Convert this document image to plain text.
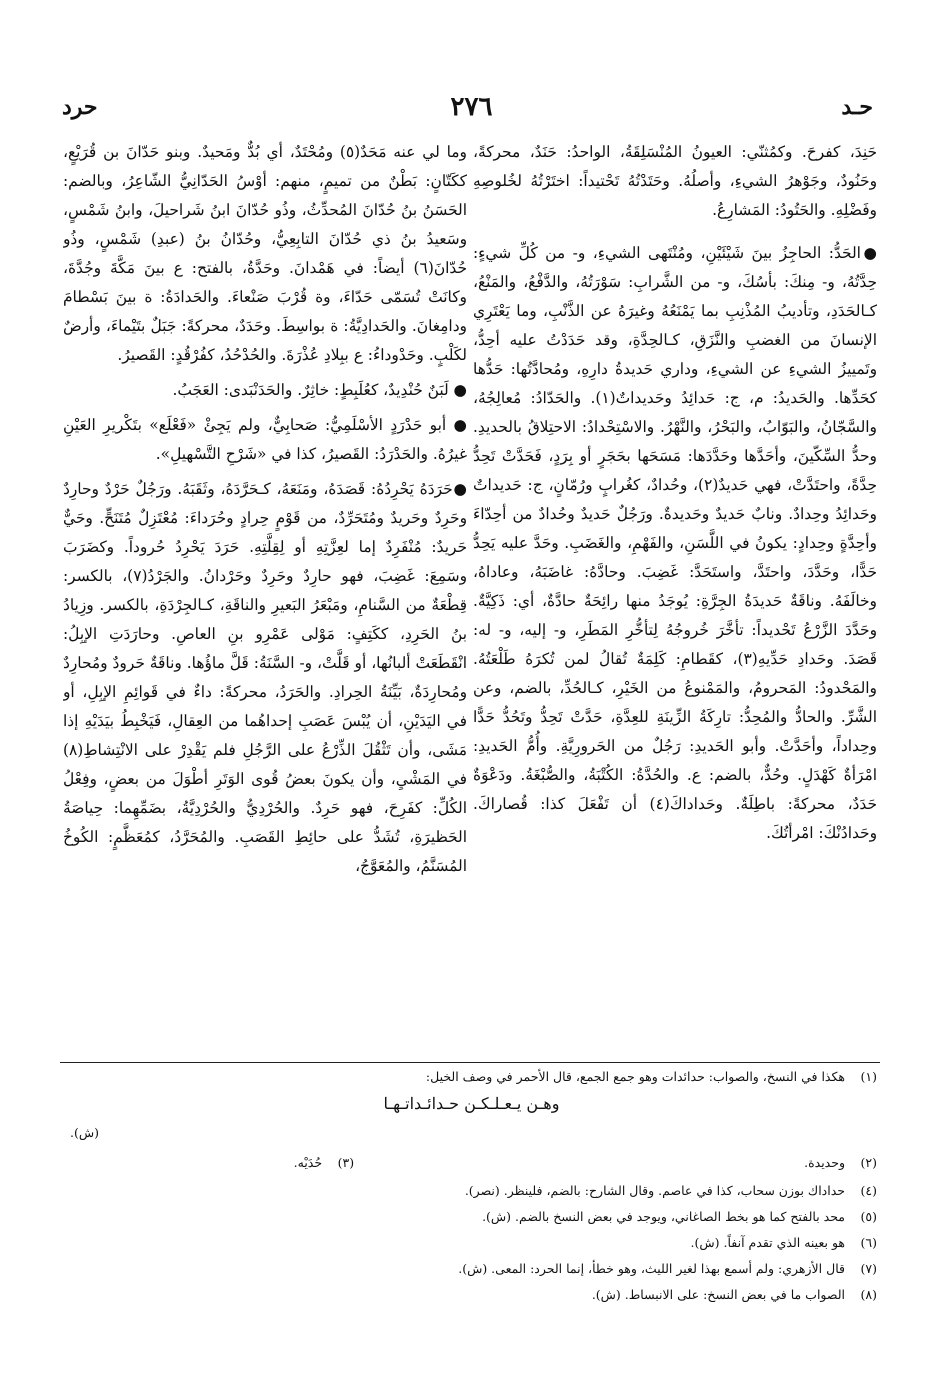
حـد
٢٧٦
حرد

حَنِدَ، كفرحَ. وكمُثنّي: العيونُ المُنْسَلِقَةُ، الواحدُ: حَنَدٌ، محركةً، وحَنُودٌ، وجَوْهرُ الشيءِ، وأصلُهُ. وحَتَدْتُهُ تَحْتيداً: اختَرْتُهُ لخُلوصِهِ وفَضْلِهِ. والحَتُودُ: المَشارِعُ.

●الحَدُّ: الحاجِزُ بينَ شَيْئَيْنِ، ومُنْتَهى الشيءِ، و- من كُلِّ شيءٍ: حِدَّتُهُ، و- مِنكَ: بأسُكَ، و- من الشَّرابِ: سَوْرَتُهُ، والدَّفْعُ، والمَنْعُ، كـالحَدَدِ، وتأديبُ المُذْنِبِ بما يَمْنَعُهُ وغيرَهُ عن الذَّنْبِ، وما يَعْتَرِي الإنسانَ من الغضبِ والنَّزَقِ، كـالحِدَّةِ، وقد حَدَدْتُ عليه أحِدُّ، وتَمييزُ الشيءِ عن الشيءِ، وداري حَديدةُ دارِهِ، ومُحادَّتُها: حَدُّها كحَدِّها. والحَديدُ: م، ج: حَدائِدُ وحَديداتٌ(١). والحَدّادُ: مُعالِجُهُ، والسَّجّانُ، والبَوّابُ، والبَحْرُ، والنَّهْرُ. والاسْتِحْدادُ: الاحتِلاقُ بالحديدِ. وحدُّ السِّكّينَ، وأحَدَّها وحَدَّدَها: مَسَحَها بحَجَرٍ أو بِرَدٍ، فَحَدَّتْ تَحِدُّ حِدَّةً، واحتَدَّتْ، فهي حَديدٌ(٢)، وحُدادٌ، كغُرابٍ ورُمّانٍ، ج: حَديداتٌ وحَدائِدُ وحِدادٌ. ونابٌ حَديدٌ وحَديدةٌ. ورَجُلٌ حَديدٌ وحُدادٌ من أحِدّاءَ وأحِدَّةٍ وحِدادٍ: يكونُ في اللَّسَنِ، والفَهْمِ، والغَضَبِ. وحَدَّ عليه يَحِدُّ حَدًّا، وحَدَّدَ، واحتَدَّ، واستَحَدَّ: غَضِبَ. وحادَّهُ: غاضَبَهُ، وعاداهُ، وخالَفَهُ. وناقَةٌ حَديدَةُ الجِرَّةِ: يُوجَدُ منها رائِحَةٌ حادَّةٌ، أي: ذَكِيَّةٌ. وحَدَّدَ الزَّرْعُ تَحْديداً: تأخَّرَ خُروجُهُ لِتأخُّرِ المَطَرِ، و- إليه، و- له: قَصَدَ. وحَدادِ حَدِّيهِ(٣)، كقَطامِ: كَلِمَةٌ تُقالُ لمن تُكرَهُ طَلْعَتُهُ. والمَحْدودُ: المَحرومُ، والمَمْنوعُ من الخَيْرِ، كـالحُدِّ، بالضم، وعن الشَّرِّ. والحادُّ والمُحِدُّ: تارِكَةُ الزِّينَةِ للعِدَّةِ، حَدَّتْ تَحِدُّ وتَحُدُّ حَدًّا وحِداداً، وأحَدَّتْ. وأبو الحَديدِ: رَجُلٌ من الحَرورِيَّةِ. وأُمُّ الحَديدِ: امْرَأةٌ كَهْدَلٍ. وحُدٌّ، بالضم: ع. والحُدَّةُ: الكُتْبَةُ، والصُّبْغَةُ. ودَعْوَةٌ حَدَدٌ، محركةً: باطِلَةٌ. وحَداداكَ(٤) أن تَفْعَلَ كذا: قُصاراكَ. وحَدادُنْكَ: امْرأتُكَ.

وما لي عنه مَحَدٌ(٥) ومُحْتَدٌ، أي بُدٌّ ومَحيدٌ. وبنو حَدّانَ بن قُرَيْعٍ، ككَتّانٍ: بَطْنٌ من تميمٍ، منهم: أوْسُ الحَدّانِيُّ الشّاعِرُ، وبالضم: الحَسَنُ بنُ حُدّانَ المُحدِّثُ، وذُو حُدّانَ ابنُ شَراحيلَ، وابنُ شَمْسٍ، وسَعيدُ بنُ ذي حُدّانَ التابِعِيُّ، وحُدّانُ بنُ (عبدِ) شَمْسٍ، وذُو حُدّانَ(٦) أيضاً: في هَمْدانَ. وحَدَّةُ، بالفتح: ع بينَ مَكَّةَ وجُدَّةَ، وكانَتْ تُسَمّى حَدّاءَ، وة قُرْبَ صَنْعاءَ. والحَدادَةُ: ة بينَ بَسْطامَ ودامِغانَ. والحَدادِيَّةُ: ة بواسِطَ. وحَدَدٌ، محركةً: جَبَلٌ بتَيْماءَ، وأرضٌ لكَلْبٍ. وحَدْوداءُ: ع ببِلادِ عُذْرَةَ. والحُدْحُدُ، كفُرْقُدٍ: القَصيرُ.

● لَبَنٌ حُنْدِيدٌ، كعُلَبِطٍ: خاثِرٌ. والحَدَنْبَدى: العَجَبُ.

● أبو حَدْرَدٍ الأسْلَمِيُّ: صَحابِيٌّ، ولم يَجِئْ «فَعْلَع» بتَكْريرِ العَيْنِ غيرُهُ. والحَدْرَدُ: القَصيرُ، كذا في «شَرْحِ التَّسْهيلِ».

●حَرَدَهُ يَحْرِدُهُ: قَصَدَهُ، ومَنَعَهُ، كـحَرَّدَهُ، وثَقَبَهُ. ورَجُلٌ حَرْدٌ وحارِدٌ وحَرِدٌ وحَريدٌ ومُتَحَرِّدٌ، من قَوْمٍ حِرادٍ وحُرَداءَ: مُعْتَزِلٌ مُتَنَحٍّ. وحَيٌّ حَريدٌ: مُنْفَرِدٌ إما لعِزَّتِهِ أو لِقِلَّتِهِ. حَرَدَ يَحْرِدُ حُروداً. وكضَرَبَ وسَمِعَ: غَضِبَ، فهو حارِدٌ وحَرِدٌ وحَرْدانُ. والجَرْدُ(٧)، بالكسر: قِطْعَةٌ من السَّنامِ، ومَبْعَرُ البَعيرِ والناقَةِ، كـالجِرْدَةِ، بالكسر. وزِيادُ بنُ الحَرِدِ، ككَتِفٍ: مَوْلى عَمْرِو بنِ العاصِ. وحارَدَتِ الإبِلُ: انْقَطَعَتْ ألبانُها، أو قَلَّتْ، و- السَّنَةُ: قَلَّ ماؤُها. وناقَةٌ حَرودٌ ومُحارِدٌ ومُحارِدَةٌ، بَيِّنَةُ الحِرادِ. والحَرَدُ، محركةً: داءٌ في قَوائِمِ الإبِلِ، أو في اليَدَيْنِ، أن يُبْسَ عَصَبِ إحداهُما من العِقالِ، فَيَخْبِطُ بيَدَيْهِ إذا مَشَى، وأن تَثْقُلَ الذِّرْعُ على الرَّجُلِ فلم يَقْدِرْ على الانْتِشاطِ(٨) في المَشْيِ، وأن يكونَ بعضُ قُوى الوَتَرِ أطْوَلَ من بعضٍ، وفِعْلُ الكُلِّ: كفَرِحَ، فهو حَرِدٌ. والحُرْدِيُّ والحُرْدِيَّةُ، بضَمِّهِما: حِياصَةُ الحَظيرَةِ، تُشَدُّ على حائِطِ القَصَبِ. والمُحَرَّدُ، كمُعَظَّمٍ: الكُوخُ المُسَنَّمُ، والمُعَوَّجُ،

(١)هكذا في النسخ، والصواب: حدائدات وهو جمع الجمع، قال الأحمر في وصف الخيل:
وهـن يـعـلـكـن حـدائـداتـهـا
(ش).
(٢)وحديدة.(٣)حُدَيْه.
(٤)حداداك بوزن سحاب، كذا في عاصم. وقال الشارح: بالضم، فلينظر. (نصر).
(٥)محد بالفتح كما هو بخط الصاغاني، ويوجد في بعض النسخ بالضم. (ش).
(٦)هو بعينه الذي تقدم آنفاً. (ش).
(٧)قال الأزهري: ولم أسمع بهذا لغير الليث، وهو خطأ، إنما الحرد: المعى. (ش).
(٨)الصواب ما في بعض النسخ: على الانبساط. (ش).
